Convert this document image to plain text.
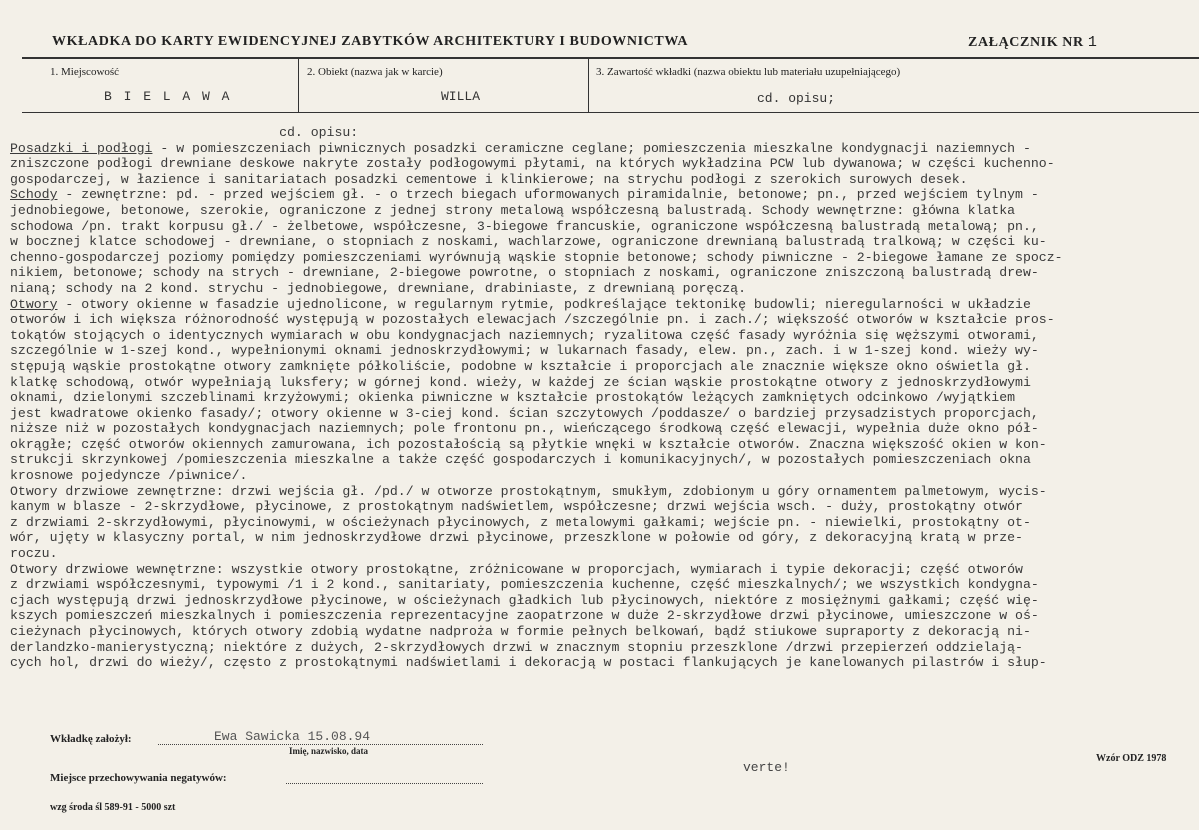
WKŁADKA DO KARTY EWIDENCYJNEJ ZABYTKÓW ARCHITEKTURY I BUDOWNICTWA	ZAŁĄCZNIK NR 1
1. Miejscowość
B I E L A W A
2. Obiekt (nazwa jak w karcie)
WILLA
3. Zawartość wkładki (nazwa obiektu lub materiału uzupełniającego)
cd. opisu;
cd. opisu:
Posadzki i podłogi - w pomieszczeniach piwnicznych posadzki ceramiczne ceglane; pomieszczenia mieszkalne kondygnacji naziemnych -
zniszczone podłogi drewniane deskowe nakryte zostały podłogowymi płytami, na których wykładzina PCW lub dywanowa; w części kuchenno-
gospodarczej, w łazience i sanitariatach posadzki cementowe i klinkierowe; na strychu podłogi z szerokich surowych desek.
Schody - zewnętrzne: pd. - przed wejściem gł. - o trzech biegach uformowanych piramidalnie, betonowe; pn., przed wejściem tylnym -
jednobiegowe, betonowe, szerokie, ograniczone z jednej strony metalową współczesną balustradą. Schody wewnętrzne: główna klatka
schodowa /pn. trakt korpusu gł./ - żelbetowe, współczesne, 3-biegowe francuskie, ograniczone współczesną balustradą metalową; pn.,
w bocznej klatce schodowej - drewniane, o stopniach z noskami, wachlarzowe, ograniczone drewnianą balustradą tralkową; w części ku-
chenno-gospodarczej poziomy pomiędzy pomieszczeniami wyrównują wąskie stopnie betonowe; schody piwniczne - 2-biegowe łamane ze spocz-
nikiem, betonowe; schody na strych - drewniane, 2-biegowe powrotne, o stopniach z noskami, ograniczone zniszczoną balustradą drew-
nianą; schody na 2 kond. strychu - jednobiegowe, drewniane, drabiniaste, z drewnianą poręczą.
Otwory - otwory okienne w fasadzie ujednolicone, w regularnym rytmie, podkreślające tektonikę budowli; nieregularności w układzie
otworów i ich większa różnorodność występują w pozostałych elewacjach /szczególnie pn. i zach./; większość otworów w kształcie pros-
tokątów stojących o identycznych wymiarach w obu kondygnacjach naziemnych; ryzalitowa część fasady wyróżnia się węższymi otworami,
szczególnie w 1-szej kond., wypełnionymi oknami jednoskrzydłowymi; w lukarnach fasady, elew. pn., zach. i w 1-szej kond. wieży wy-
stępują wąskie prostokątne otwory zamknięte półkoliście, podobne w kształcie i proporcjach ale znacznie większe okno oświetla gł.
klatkę schodową, otwór wypełniają luksfery; w górnej kond. wieży, w każdej ze ścian wąskie prostokątne otwory z jednoskrzydłowymi
oknami, dzielonymi szczeblinami krzyżowymi; okienka piwniczne w kształcie prostokątów leżących zamkniętych odcinkowo /wyjątkiem
jest kwadratowe okienko fasady/; otwory okienne w 3-ciej kond. ścian szczytowych /poddasze/ o bardziej przysadzistych proporcjach,
niższe niż w pozostałych kondygnacjach naziemnych; pole frontonu pn., wieńczącego środkową część elewacji, wypełnia duże okno pół-
okrągłe; część otworów okiennych zamurowana, ich pozostałością są płytkie wnęki w kształcie otworów. Znaczna większość okien w kon-
strukcji skrzynkowej /pomieszczenia mieszkalne a także część gospodarczych i komunikacyjnych/, w pozostałych pomieszczeniach okna
krosnowe pojedyncze /piwnice/.
Otwory drzwiowe zewnętrzne: drzwi wejścia gł. /pd./ w otworze prostokątnym, smukłym, zdobionym u góry ornamentem palmetowym, wycis-
kanym w blasze - 2-skrzydłowe, płycinowe, z prostokątnym nadświetlem, współczesne; drzwi wejścia wsch. - duży, prostokątny otwór
z drzwiami 2-skrzydłowymi, płycinowymi, w ościeżynach płycinowych, z metalowymi gałkami; wejście pn. - niewielki, prostokątny ot-
wór, ujęty w klasyczny portal, w nim jednoskrzydłowe drzwi płycinowe, przeszklone w połowie od góry, z dekoracyjną kratą w prze-
roczu.
Otwory drzwiowe wewnętrzne: wszystkie otwory prostokątne, zróżnicowane w proporcjach, wymiarach i typie dekoracji; część otworów
z drzwiami współczesnymi, typowymi /1 i 2 kond., sanitariaty, pomieszczenia kuchenne, część mieszkalnych/; we wszystkich kondygna-
cjach występują drzwi jednoskrzydłowe płycinowe, w ościeżynach gładkich lub płycinowych, niektóre z mosiężnymi gałkami; część wię-
kszych pomieszczeń mieszkalnych i pomieszczenia reprezentacyjne zaopatrzone w duże 2-skrzydłowe drzwi płycinowe, umieszczone w oś-
cieżynach płycinowych, których otwory zdobią wydatne nadproża w formie pełnych belkowań, bądź stiukowe supraporty z dekoracją ni-
derlandzko-manierystyczną; niektóre z dużych, 2-skrzydłowych drzwi w znacznym stopniu przeszklone /drzwi przepierzeń oddzielają-
cych hol, drzwi do wieży/, często z prostokątnymi nadświetlami i dekoracją w postaci flankujących je kanelowanych pilastrów i słup-
Wkładkę założył:	Ewa Sawicka 15.08.94
Imię, nazwisko, data
verte!
Wzór ODZ 1978
Miejsce przechowywania negatywów:
wzg środa śl 589-91 - 5000 szt
